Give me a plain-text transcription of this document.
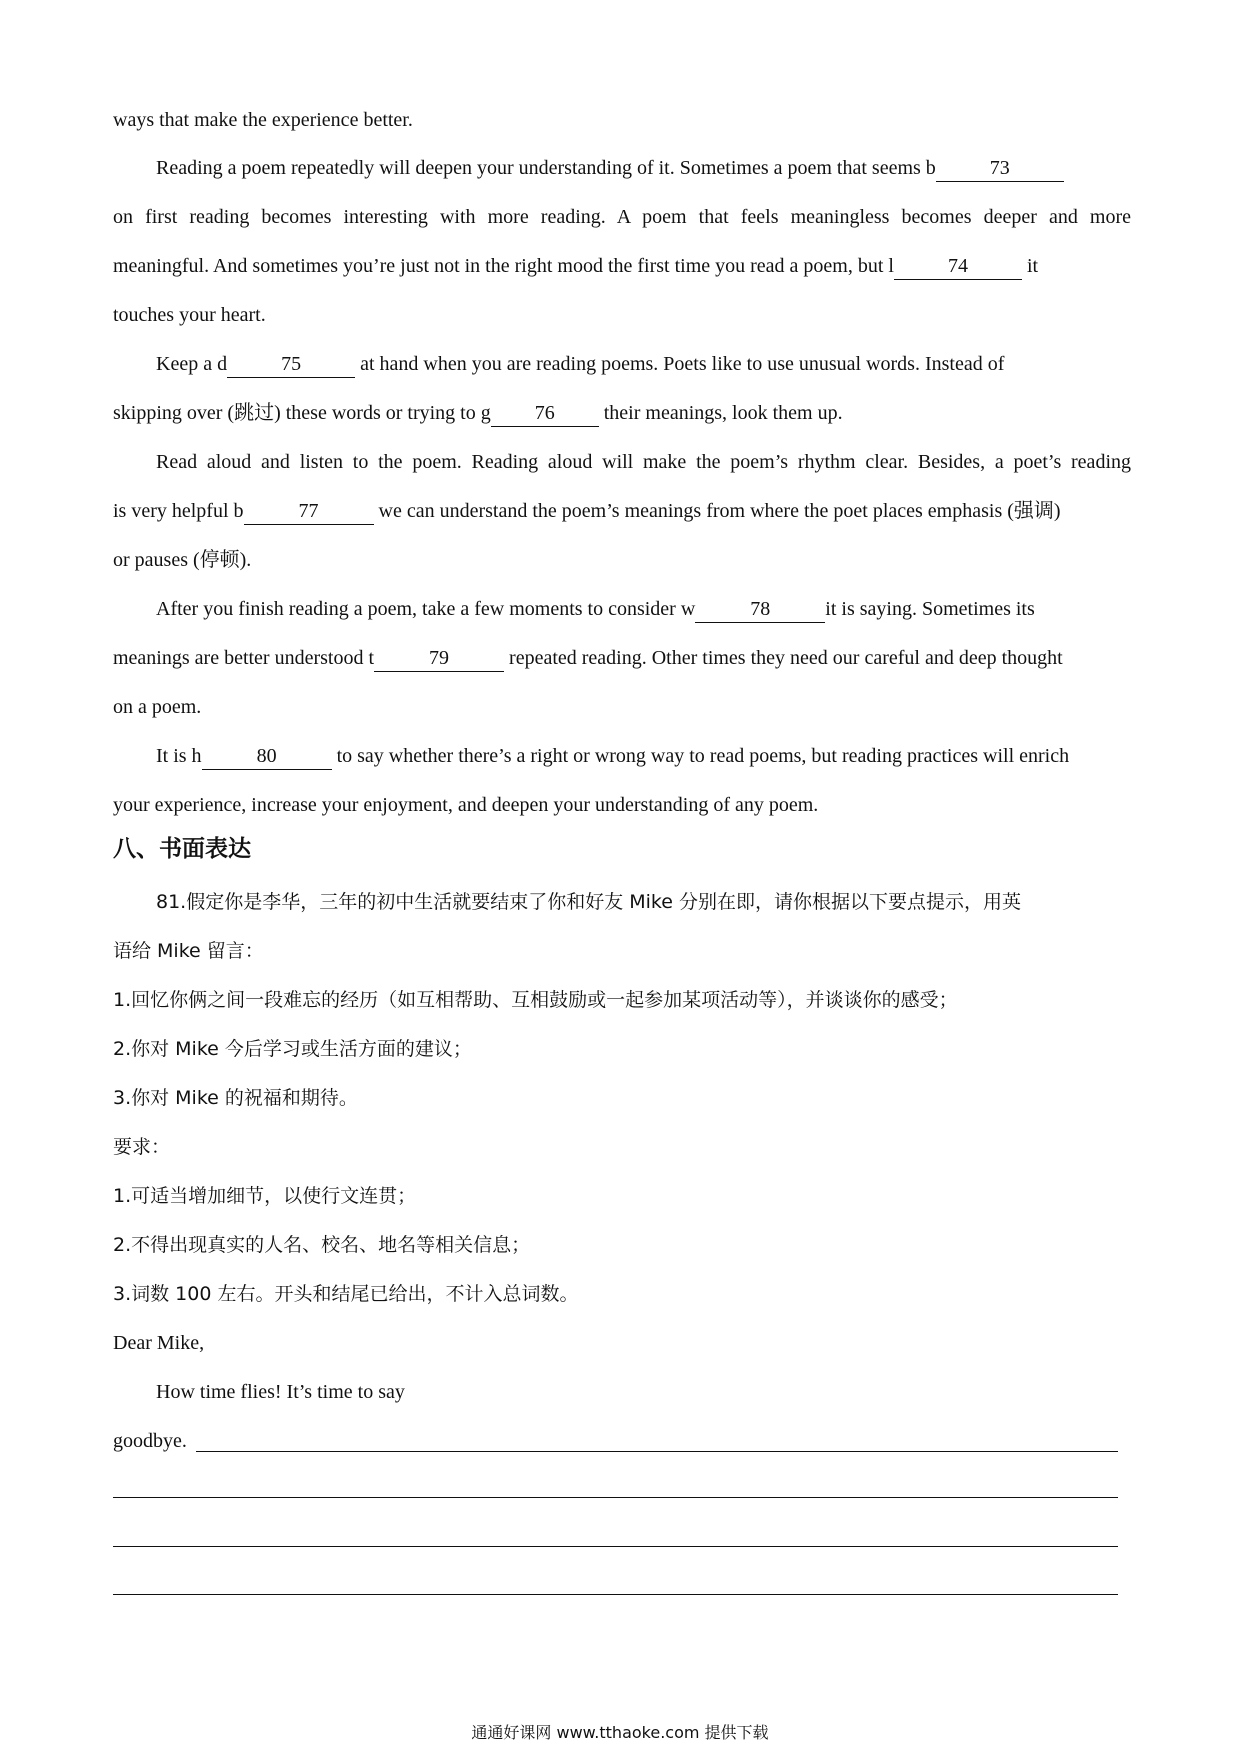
ways that make the experience better.
Reading a poem repeatedly will deepen your understanding of it. Sometimes a poem that seems b	73
on first reading becomes interesting with more reading. A poem that feels meaningless becomes deeper and more
meaningful. And sometimes you’re just not in the right mood the first time you read a poem, but l	74	it
touches your heart.
Keep a d	75	at hand when you are reading poems. Poets like to use unusual words. Instead of
skipping over (跳过) these words or trying to g 76 their meanings, look them up.
Read aloud and listen to the poem. Reading aloud will make the poem’s rhythm clear. Besides, a poet’s reading
is very helpful b	77	we can understand the poem’s meanings from where the poet places emphasis (强调)
or pauses (停顿).
After you finish reading a poem, take a few moments to consider w	78	it is saying. Sometimes its
meanings are better understood t	79	repeated reading. Other times they need our careful and deep thought
on a poem.
It is h	80	to say whether there’s a right or wrong way to read poems, but reading practices will enrich
your experience, increase your enjoyment, and deepen your understanding of any poem.
八、书面表达
81.假定你是李华，三年的初中生活就要结束了你和好友 Mike 分别在即，请你根据以下要点提示，用英
语给 Mike 留言：
1.回忆你俩之间一段难忘的经历（如互相帮助、互相鼓励或一起参加某项活动等），并谈谈你的感受；
2.你对 Mike 今后学习或生活方面的建议；
3.你对 Mike 的祝福和期待。
要求：
1.可适当增加细节，以使行文连贯；
2.不得出现真实的人名、校名、地名等相关信息；
3.词数 100 左右。开头和结尾已给出，不计入总词数。
Dear Mike,
How time flies! It’s time to say
goodbye.
通通好课网 www.tthaoke.com 提供下载
